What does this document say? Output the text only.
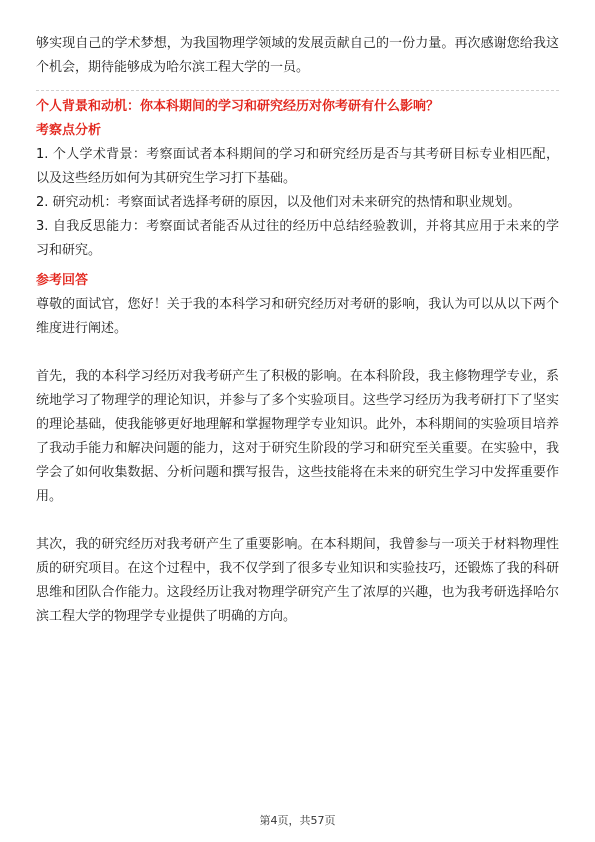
够实现自己的学术梦想，为我国物理学领域的发展贡献自己的一份力量。再次感谢您给我这个机会，期待能够成为哈尔滨工程大学的一员。

个人背景和动机：你本科期间的学习和研究经历对你考研有什么影响？

考察点分析

1. 个人学术背景：考察面试者本科期间的学习和研究经历是否与其考研目标专业相匹配，以及这些经历如何为其研究生学习打下基础。

2. 研究动机：考察面试者选择考研的原因，以及他们对未来研究的热情和职业规划。

3. 自我反思能力：考察面试者能否从过往的经历中总结经验教训，并将其应用于未来的学习和研究。

参考回答

尊敬的面试官，您好！关于我的本科学习和研究经历对考研的影响，我认为可以从以下两个维度进行阐述。

首先，我的本科学习经历对我考研产生了积极的影响。在本科阶段，我主修物理学专业，系统地学习了物理学的理论知识，并参与了多个实验项目。这些学习经历为我考研打下了坚实的理论基础，使我能够更好地理解和掌握物理学专业知识。此外，本科期间的实验项目培养了我动手能力和解决问题的能力，这对于研究生阶段的学习和研究至关重要。在实验中，我学会了如何收集数据、分析问题和撰写报告，这些技能将在未来的研究生学习中发挥重要作用。

其次，我的研究经历对我考研产生了重要影响。在本科期间，我曾参与一项关于材料物理性质的研究项目。在这个过程中，我不仅学到了很多专业知识和实验技巧，还锻炼了我的科研思维和团队合作能力。这段经历让我对物理学研究产生了浓厚的兴趣，也为我考研选择哈尔滨工程大学的物理学专业提供了明确的方向。

第4页，共57页
